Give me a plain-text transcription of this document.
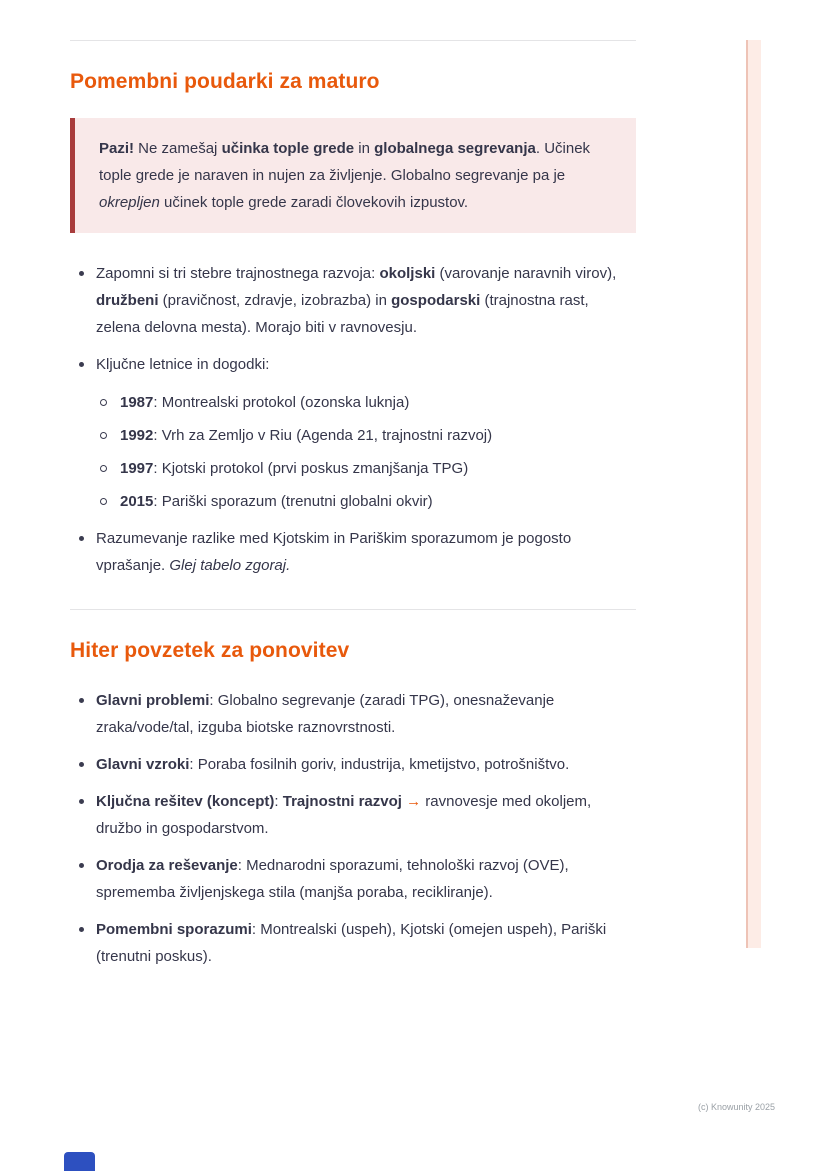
Pomembni poudarki za maturo

Pazi! Ne zamešaj učinka tople grede in globalnega segrevanja. Učinek tople grede je naraven in nujen za življenje. Globalno segrevanje pa je okrepljen učinek tople grede zaradi človekovih izpustov.

Zapomni si tri stebre trajnostnega razvoja: okoljski (varovanje naravnih virov), družbeni (pravičnost, zdravje, izobrazba) in gospodarski (trajnostna rast, zelena delovna mesta). Morajo biti v ravnovesju.
Ključne letnice in dogodki:
1987: Montrealski protokol (ozonska luknja)
1992: Vrh za Zemljo v Riu (Agenda 21, trajnostni razvoj)
1997: Kjotski protokol (prvi poskus zmanjšanja TPG)
2015: Pariški sporazum (trenutni globalni okvir)
Razumevanje razlike med Kjotskim in Pariškim sporazumom je pogosto vprašanje. Glej tabelo zgoraj.
Hiter povzetek za ponovitev
Glavni problemi: Globalno segrevanje (zaradi TPG), onesnaževanje zraka/vode/tal, izguba biotske raznovrstnosti.
Glavni vzroki: Poraba fosilnih goriv, industrija, kmetijstvo, potrošništvo.
Ključna rešitev (koncept): Trajnostni razvoj → ravnovesje med okoljem, družbo in gospodarstvom.
Orodja za reševanje: Mednarodni sporazumi, tehnološki razvoj (OVE), sprememba življenjskega stila (manjša poraba, recikliranje).
Pomembni sporazumi: Montrealski (uspeh), Kjotski (omejen uspeh), Pariški (trenutni poskus).
(c) Knowunity 2025
